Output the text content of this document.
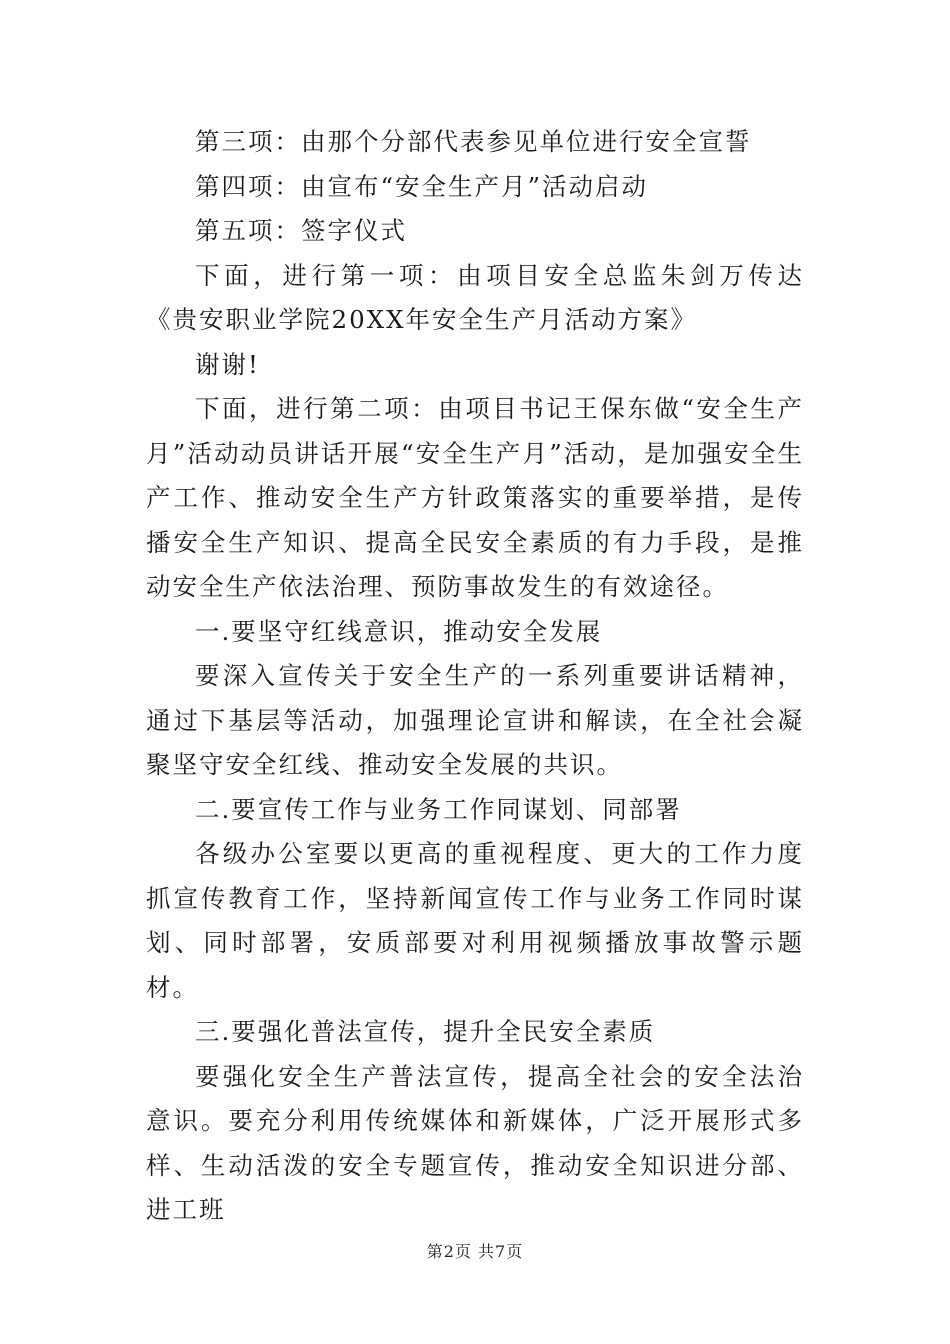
第三项：由那个分部代表参见单位进行安全宣誓

第四项：由宣布“安全生产月”活动启动

第五项：签字仪式

下面，进行第一项：由项目安全总监朱剑万传达《贵安职业学院20XX年安全生产月活动方案》

谢谢!

下面，进行第二项：由项目书记王保东做“安全生产月”活动动员讲话开展“安全生产月”活动，是加强安全生产工作、推动安全生产方针政策落实的重要举措，是传播安全生产知识、提高全民安全素质的有力手段，是推动安全生产依法治理、预防事故发生的有效途径。

一.要坚守红线意识，推动安全发展

要深入宣传关于安全生产的一系列重要讲话精神，通过下基层等活动，加强理论宣讲和解读，在全社会凝聚坚守安全红线、推动安全发展的共识。

二.要宣传工作与业务工作同谋划、同部署

各级办公室要以更高的重视程度、更大的工作力度抓宣传教育工作，坚持新闻宣传工作与业务工作同时谋划、同时部署，安质部要对利用视频播放事故警示题材。

三.要强化普法宣传，提升全民安全素质

要强化安全生产普法宣传，提高全社会的安全法治意识。要充分利用传统媒体和新媒体，广泛开展形式多样、生动活泼的安全专题宣传，推动安全知识进分部、进工班

第2页 共7页
